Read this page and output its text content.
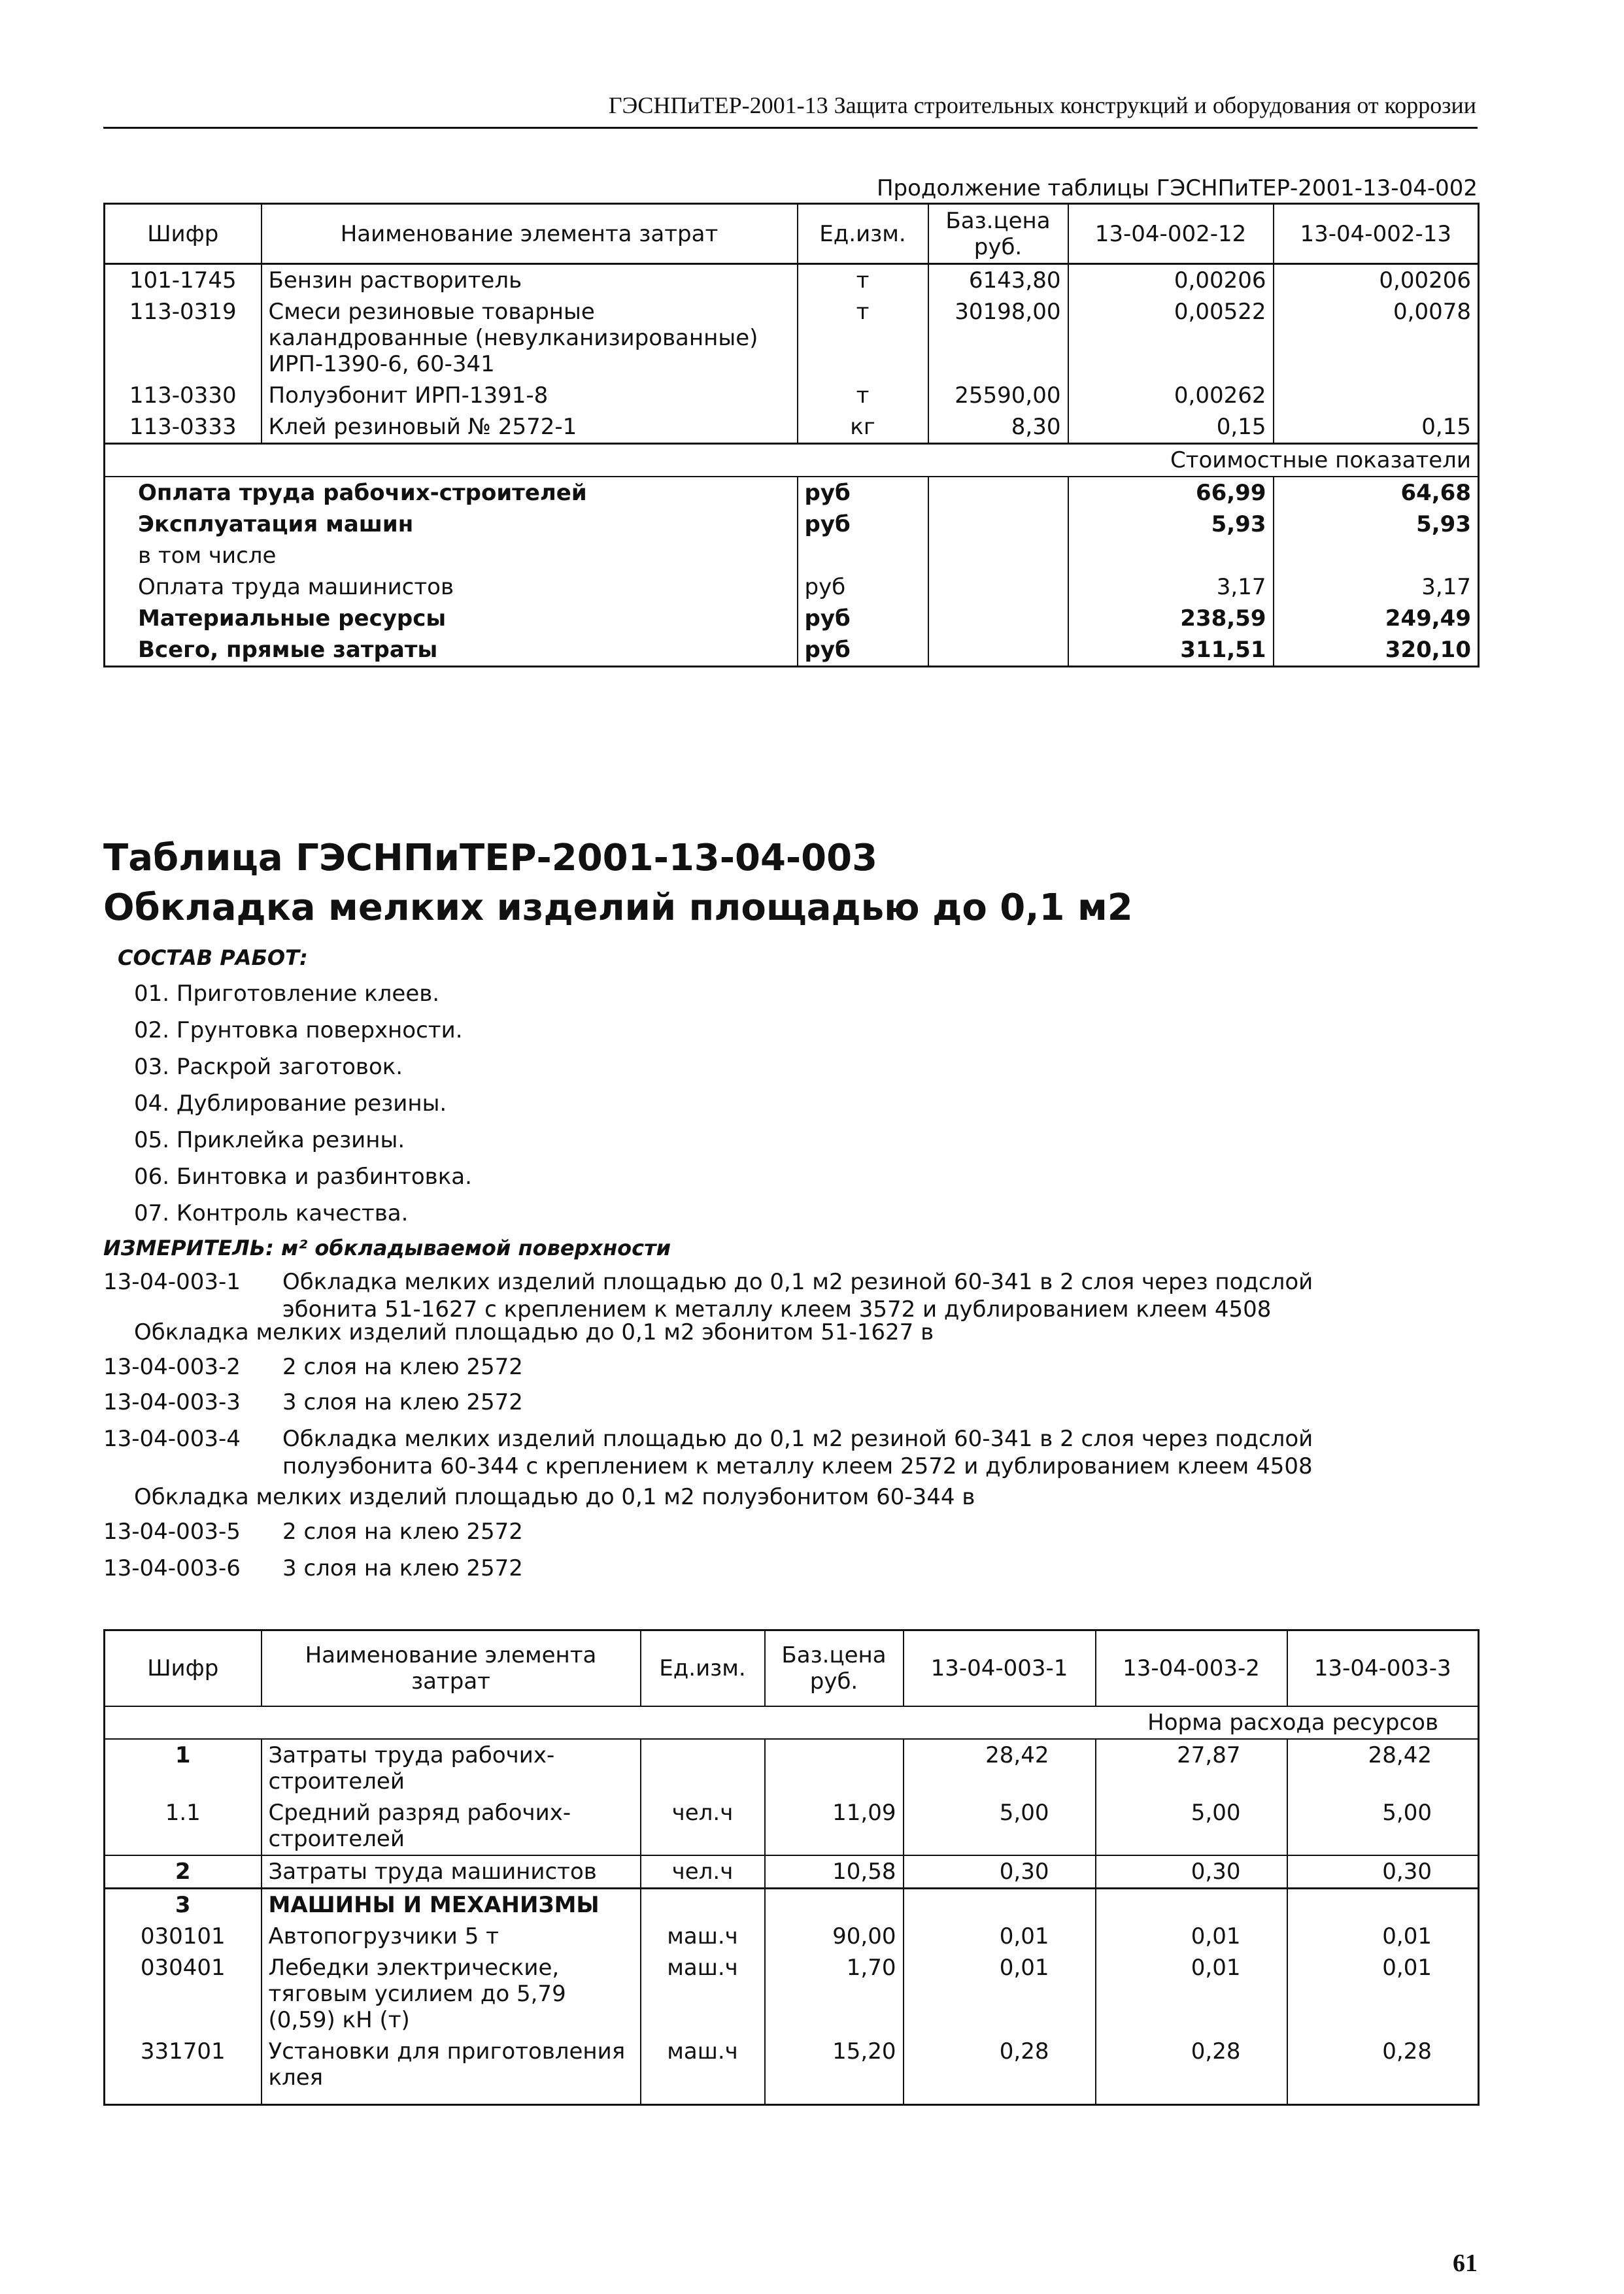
ГЭСНПиТЕР-2001-13 Защита строительных конструкций и оборудования от коррозии
Продолжение таблицы ГЭСНПиТЕР-2001-13-04-002
Шифр	Наименование элемента затрат	Ед.изм.	Баз.цена руб.	13-04-002-12	13-04-002-13
101-1745	Бензин растворитель	т	6143,80	0,00206	0,00206
113-0319	Смеси резиновые товарные каландрованные (невулканизированные) ИРП-1390-6, 60-341	т	30198,00	0,00522	0,0078
113-0330	Полуэбонит ИРП-1391-8	т	25590,00	0,00262	
113-0333	Клей резиновый № 2572-1	кг	8,30	0,15	0,15
Стоимостные показатели					
Оплата труда рабочих-строителей		руб		66,99	64,68
Эксплуатация машин		руб		5,93	5,93
в том числе					
Оплата труда машинистов		руб		3,17	3,17
Материальные ресурсы		руб		238,59	249,49
Всего, прямые затраты		руб		311,51	320,10
Таблица ГЭСНПиТЕР-2001-13-04-003
Обкладка мелких изделий площадью до 0,1 м2
СОСТАВ РАБОТ:
01. Приготовление клеев.
02. Грунтовка поверхности.
03. Раскрой заготовок.
04. Дублирование резины.
05. Приклейка резины.
06. Бинтовка и разбинтовка.
07. Контроль качества.
ИЗМЕРИТЕЛЬ: м² обкладываемой поверхности
13-04-003-1	Обкладка мелких изделий площадью до 0,1 м2 резиной 60-341 в 2 слоя через подслой
эбонита 51-1627 с креплением к металлу клеем 3572 и дублированием клеем 4508
Обкладка мелких изделий площадью до 0,1 м2 эбонитом 51-1627 в
13-04-003-2	2 слоя на клею 2572
13-04-003-3	3 слоя на клею 2572
13-04-003-4	Обкладка мелких изделий площадью до 0,1 м2 резиной 60-341 в 2 слоя через подслой
полуэбонита 60-344 с креплением к металлу клеем 2572 и дублированием клеем 4508
Обкладка мелких изделий площадью до 0,1 м2 полуэбонитом 60-344 в
13-04-003-5	2 слоя на клею 2572
13-04-003-6	3 слоя на клею 2572
Шифр	Наименование элемента затрат	Ед.изм.	Баз.цена руб.	13-04-003-1	13-04-003-2	13-04-003-3
Норма расхода ресурсов						
1	Затраты труда рабочих-строителей			28,42	27,87	28,42
1.1	Средний разряд рабочих-строителей	чел.ч	11,09	5,00	5,00	5,00
2	Затраты труда машинистов	чел.ч	10,58	0,30	0,30	0,30
3	МАШИНЫ И МЕХАНИЗМЫ					
030101	Автопогрузчики 5 т	маш.ч	90,00	0,01	0,01	0,01
030401	Лебедки электрические, тяговым усилием до 5,79 (0,59) кН (т)	маш.ч	1,70	0,01	0,01	0,01
331701	Установки для приготовления клея	маш.ч	15,20	0,28	0,28	0,28
61
